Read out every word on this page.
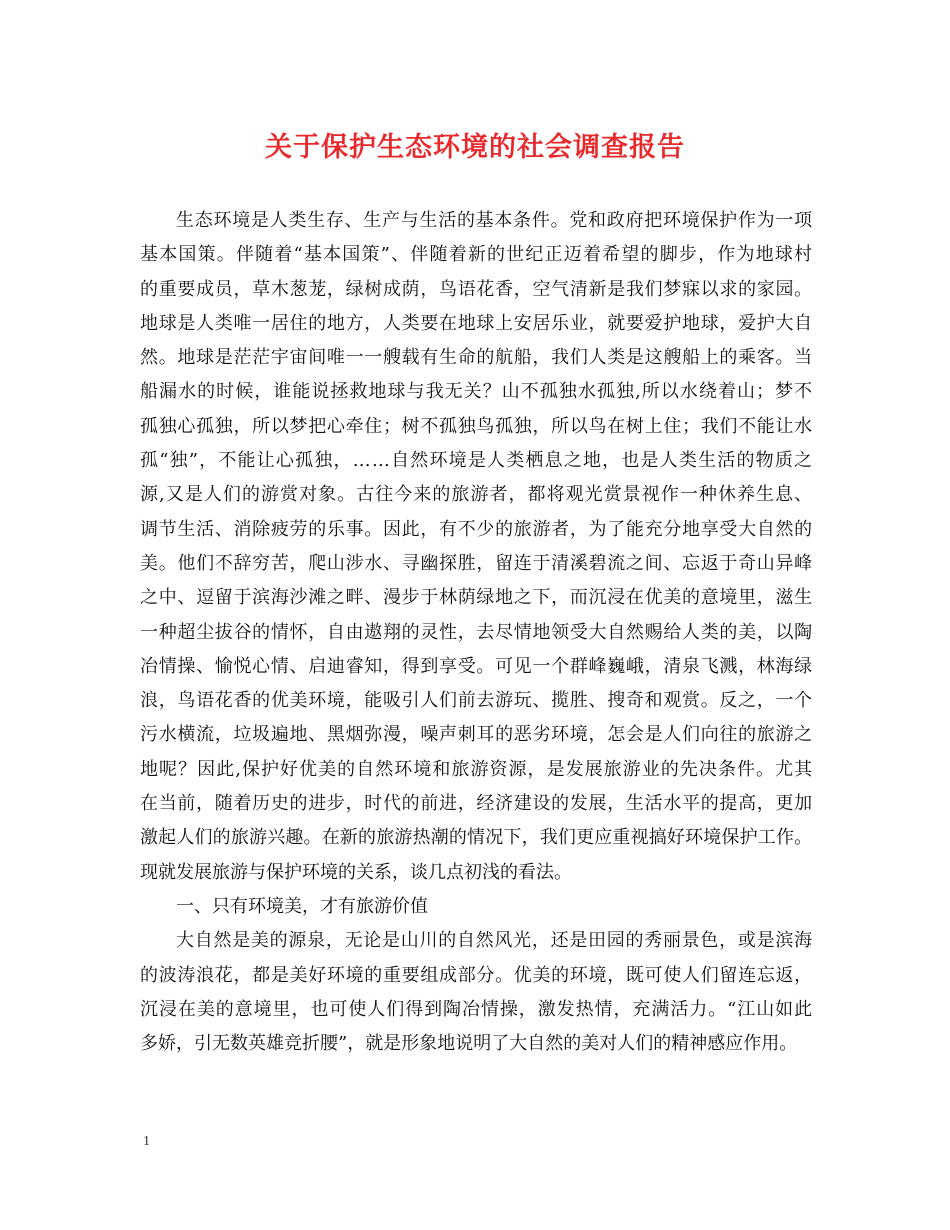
关于保护生态环境的社会调查报告
生态环境是人类生存、生产与生活的基本条件。党和政府把环境保护作为一项
基本国策。伴随着“基本国策”、伴随着新的世纪正迈着希望的脚步，作为地球村
的重要成员，草木葱茏，绿树成荫，鸟语花香，空气清新是我们梦寐以求的家园。
地球是人类唯一居住的地方，人类要在地球上安居乐业，就要爱护地球，爱护大自
然。地球是茫茫宇宙间唯一一艘载有生命的航船，我们人类是这艘船上的乘客。当
船漏水的时候，谁能说拯救地球与我无关？山不孤独水孤独,所以水绕着山；梦不
孤独心孤独，所以梦把心牵住；树不孤独鸟孤独，所以鸟在树上住；我们不能让水
孤“独”，不能让心孤独，……自然环境是人类栖息之地，也是人类生活的物质之
源,又是人们的游赏对象。古往今来的旅游者，都将观光赏景视作一种休养生息、
调节生活、消除疲劳的乐事。因此，有不少的旅游者，为了能充分地享受大自然的
美。他们不辞穷苦，爬山涉水、寻幽探胜，留连于清溪碧流之间、忘返于奇山异峰
之中、逗留于滨海沙滩之畔、漫步于林荫绿地之下，而沉浸在优美的意境里，滋生
一种超尘拔谷的情怀，自由遨翔的灵性，去尽情地领受大自然赐给人类的美，以陶
冶情操、愉悦心情、启迪睿知，得到享受。可见一个群峰巍峨，清泉飞溅，林海绿
浪，鸟语花香的优美环境，能吸引人们前去游玩、揽胜、搜奇和观赏。反之，一个
污水横流，垃圾遍地、黑烟弥漫，噪声刺耳的恶劣环境，怎会是人们向往的旅游之
地呢？因此,保护好优美的自然环境和旅游资源，是发展旅游业的先决条件。尤其
在当前，随着历史的进步，时代的前进，经济建设的发展，生活水平的提高，更加
激起人们的旅游兴趣。在新的旅游热潮的情况下，我们更应重视搞好环境保护工作。
现就发展旅游与保护环境的关系，谈几点初浅的看法。
一、只有环境美，才有旅游价值
大自然是美的源泉，无论是山川的自然风光，还是田园的秀丽景色，或是滨海
的波涛浪花，都是美好环境的重要组成部分。优美的环境，既可使人们留连忘返，
沉浸在美的意境里，也可使人们得到陶冶情操，激发热情，充满活力。“江山如此
多娇，引无数英雄竞折腰”，就是形象地说明了大自然的美对人们的精神感应作用。
1
